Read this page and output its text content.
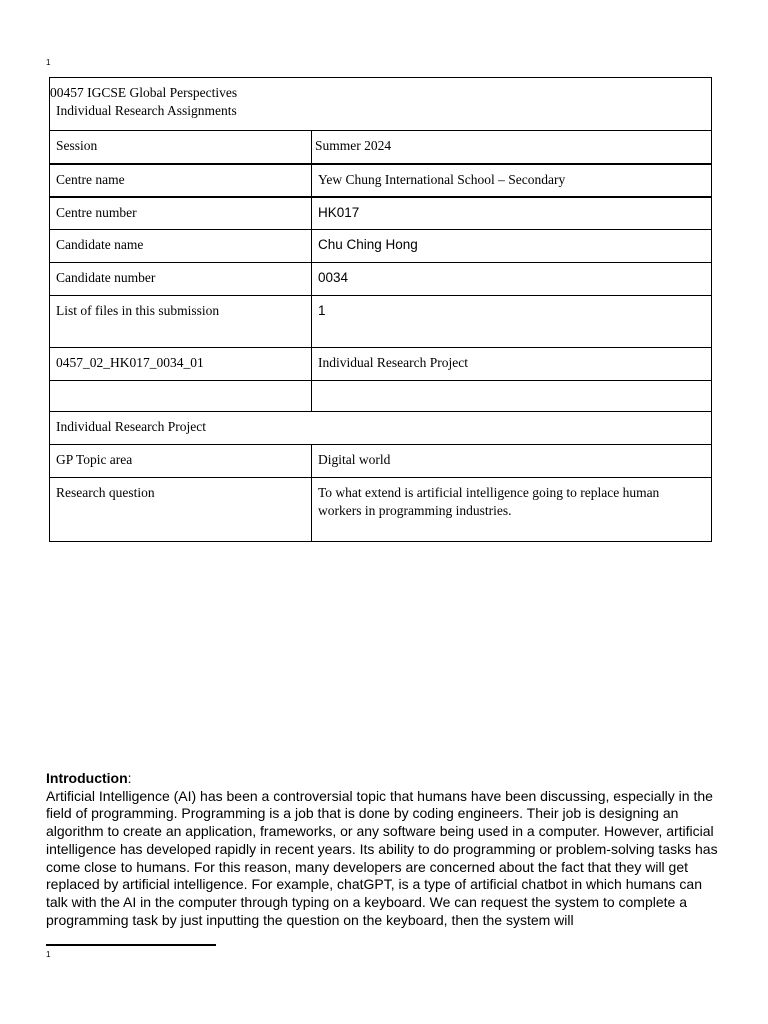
1
00457 IGCSE Global Perspectives
Individual Research Assignments	

Session	Summer 2024
Centre name	Yew Chung International School – Secondary
Centre number	HK017
Candidate name	Chu Ching Hong
Candidate number	0034
List of files in this submission	1
0457_02_HK017_0034_01	Individual Research Project

Individual Research Project	
GP Topic area	Digital world
Research question	To what extend is artificial intelligence going to replace human workers in programming industries.
Introduction:
Artificial Intelligence (AI) has been a controversial topic that humans have been discussing, especially in the field of programming. Programming is a job that is done by coding engineers. Their job is designing an algorithm to create an application, frameworks, or any software being used in a computer. However, artificial intelligence has developed rapidly in recent years. Its ability to do programming or problem-solving tasks has come close to humans. For this reason, many developers are concerned about the fact that they will get replaced by artificial intelligence. For example, chatGPT, is a type of artificial chatbot in which humans can talk with the AI in the computer through typing on a keyboard. We can request the system to complete a programming task by just inputting the question on the keyboard, then the system will
1
